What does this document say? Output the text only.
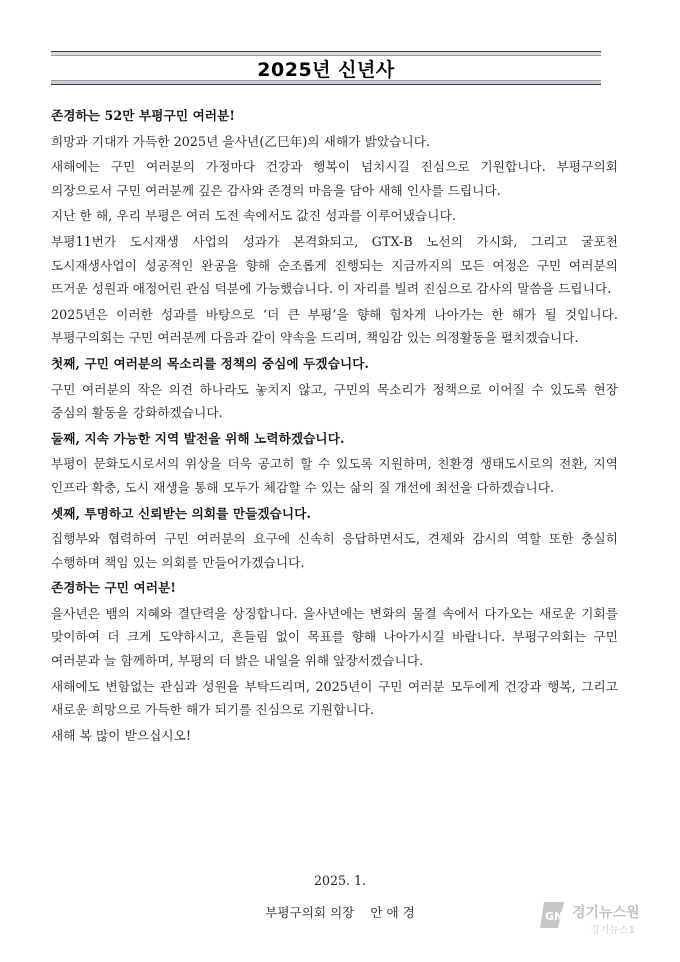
2025년 신년사

존경하는 52만 부평구민 여러분!

희망과 기대가 가득한 2025년 을사년(乙巳年)의 새해가 밝았습니다.

새해에는 구민 여러분의 가정마다 건강과 행복이 넘치시길 진심으로 기원합니다. 부평구의회 의장으로서 구민 여러분께 깊은 감사와 존경의 마음을 담아 새해 인사를 드립니다.

지난 한 해, 우리 부평은 여러 도전 속에서도 값진 성과를 이루어냈습니다.

부평11번가 도시재생 사업의 성과가 본격화되고, GTX-B 노선의 가시화, 그리고 굴포천 도시재생사업이 성공적인 완공을 향해 순조롭게 진행되는 지금까지의 모든 여정은 구민 여러분의 뜨거운 성원과 애정어린 관심 덕분에 가능했습니다. 이 자리를 빌려 진심으로 감사의 말씀을 드립니다.

2025년은 이러한 성과를 바탕으로 ‘더 큰 부평’을 향해 힘차게 나아가는 한 해가 될 것입니다. 부평구의회는 구민 여러분께 다음과 같이 약속을 드리며, 책임감 있는 의정활동을 펼치겠습니다.

첫째, 구민 여러분의 목소리를 정책의 중심에 두겠습니다.

구민 여러분의 작은 의견 하나라도 놓치지 않고, 구민의 목소리가 정책으로 이어질 수 있도록 현장 중심의 활동을 강화하겠습니다.

둘째, 지속 가능한 지역 발전을 위해 노력하겠습니다.

부평이 문화도시로서의 위상을 더욱 공고히 할 수 있도록 지원하며, 친환경 생태도시로의 전환, 지역 인프라 확충, 도시 재생을 통해 모두가 체감할 수 있는 삶의 질 개선에 최선을 다하겠습니다.

셋째, 투명하고 신뢰받는 의회를 만들겠습니다.

집행부와 협력하여 구민 여러분의 요구에 신속히 응답하면서도, 견제와 감시의 역할 또한 충실히 수행하며 책임 있는 의회를 만들어가겠습니다.

존경하는 구민 여러분!

을사년은 뱀의 지혜와 결단력을 상징합니다. 을사년에는 변화의 물결 속에서 다가오는 새로운 기회를 맞이하여 더 크게 도약하시고, 흔들림 없이 목표를 향해 나아가시길 바랍니다. 부평구의회는 구민 여러분과 늘 함께하며, 부평의 더 밝은 내일을 위해 앞장서겠습니다.

새해에도 변함없는 관심과 성원을 부탁드리며, 2025년이 구민 여러분 모두에게 건강과 행복, 그리고 새로운 희망으로 가득한 해가 되기를 진심으로 기원합니다.

새해 복 많이 받으십시오!

2025. 1.
부평구의회 의장    안 애 경	GN 경기뉴스원
경기뉴스1
